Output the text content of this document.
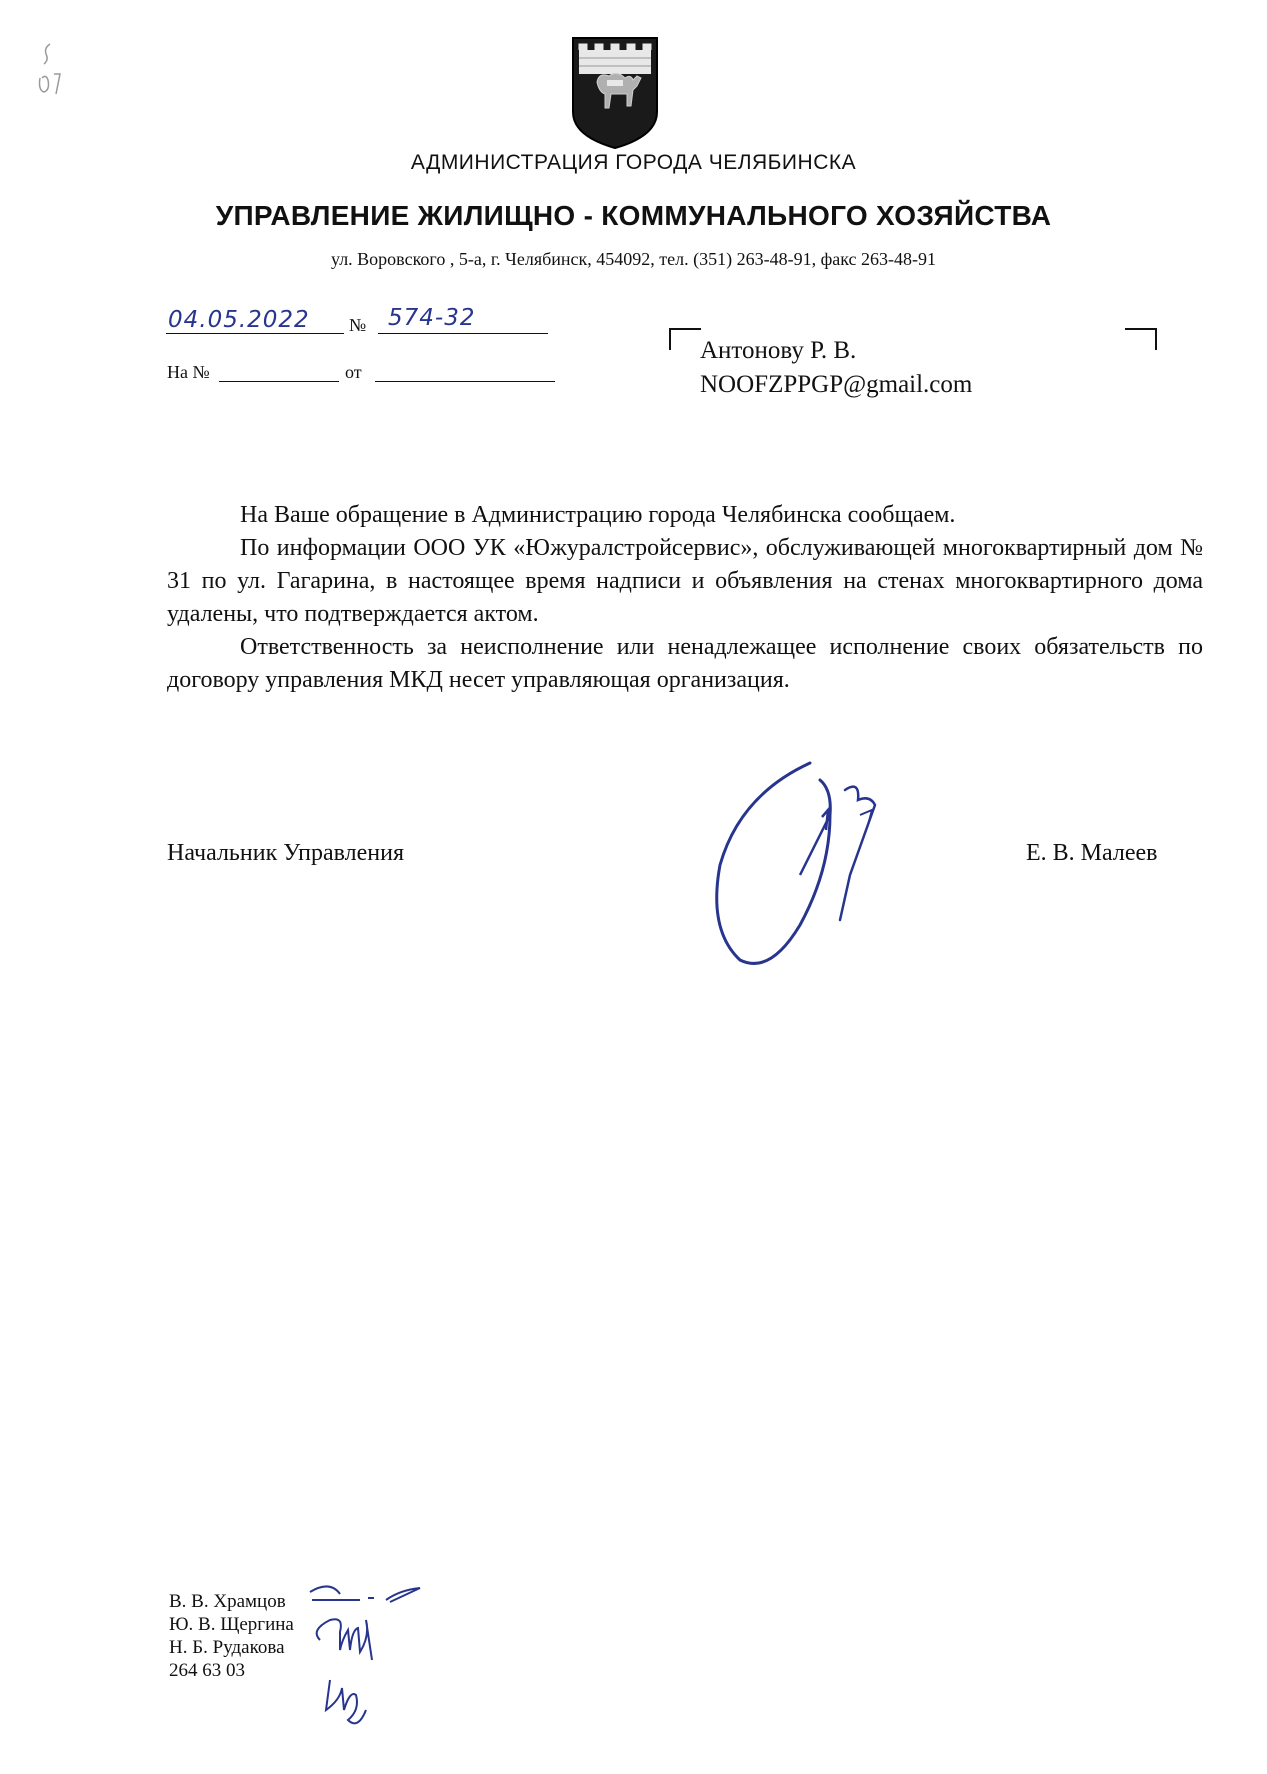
АДМИНИСТРАЦИЯ ГОРОДА ЧЕЛЯБИНСКА
УПРАВЛЕНИЕ ЖИЛИЩНО - КОММУНАЛЬНОГО ХОЗЯЙСТВА
ул. Воровского , 5-а, г. Челябинск, 454092, тел. (351) 263-48-91, факс 263-48-91
04.05.2022 № 574-32
На №	от
Антонову Р. В.
NOOFZPPGP@gmail.com

На Ваше обращение в Администрацию города Челябинска сообщаем.

По информации ООО УК «Южуралстройсервис», обслуживающей многоквартирный дом № 31 по ул. Гагарина, в настоящее время надписи и объявления на стенах многоквартирного дома удалены, что подтверждается актом.

Ответственность за неисполнение или ненадлежащее исполнение своих обязательств по договору управления МКД несет управляющая организация.

Начальник Управления	Е. В. Малеев
В. В. Храмцов
Ю. В. Щергина
Н. Б. Рудакова
264 63 03
